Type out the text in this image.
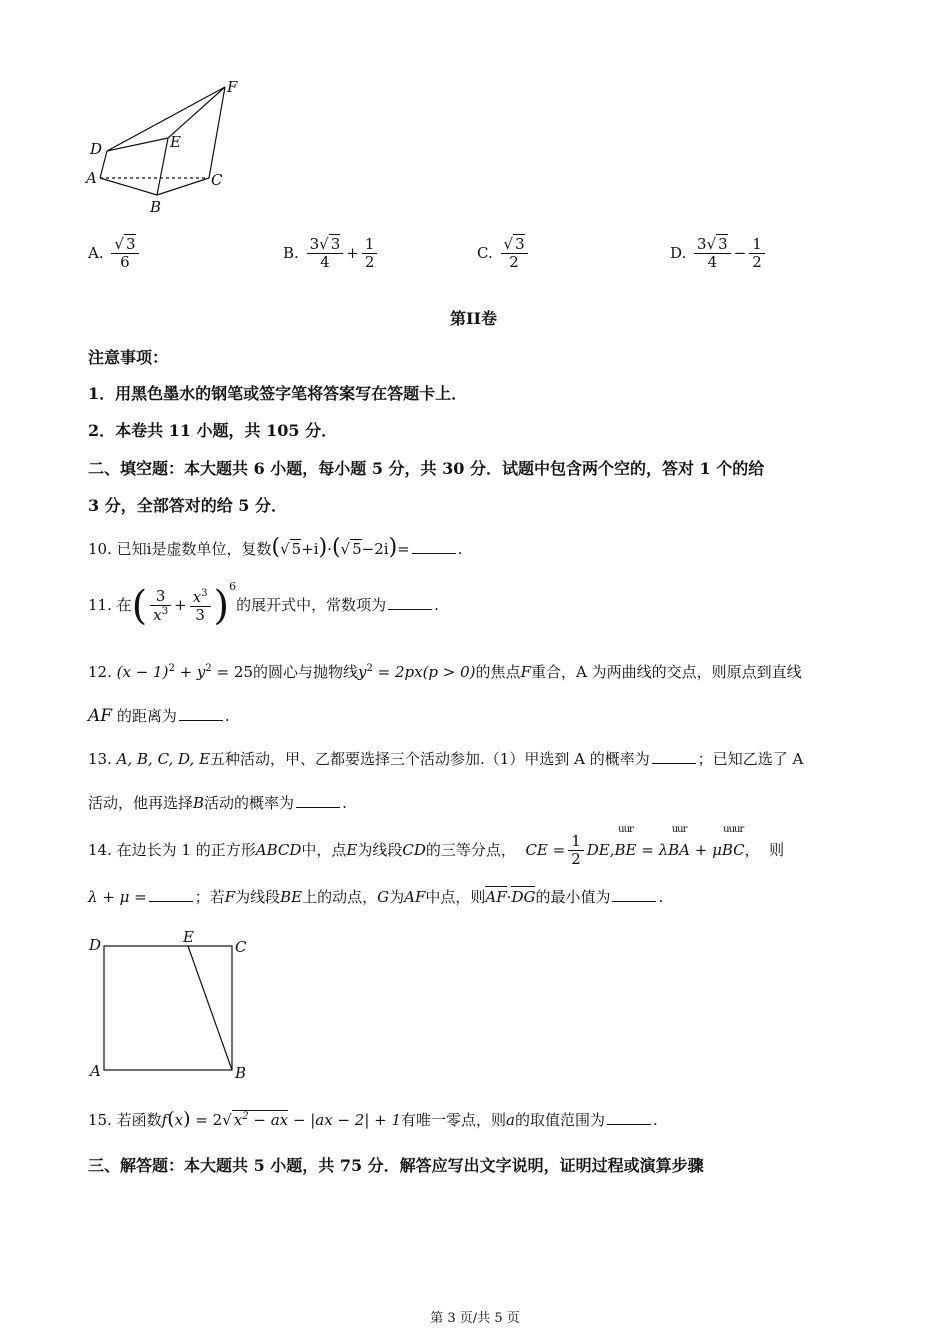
D	E
F
A
B
C
A. $\frac{√ 3}{6}$	B. $\frac{3√ 3}{4} + \frac{1}{2}$	C. $\frac{√ 3}{2}$	D. $\frac{3√ 3}{4} - \frac{1}{2}$
第II卷
注意事项：
1．用黑色墨水的钢笔或签字笔将答案写在答题卡上．
2．本卷共 11 小题，共 105 分．
二、填空题：本大题共 6 小题，每小题 5 分，共 30 分．试题中包含两个空的，答对 1 个的给
3 分，全部答对的给 5 分．
10. 已知i是虚数单位，复数(√ 5+i)·(√ 5−2i)=	.
11. 在( $\frac{3}{x^3} + \frac{x^3}{3} )^6$的展开式中，常数项为	.
12. $(x - 1)^2 + y^2 = 25$的圆心与抛物线$y^2 = 2px(p > 0)$的焦点F重合，A 为两曲线的交点，则原点到直线
AF 的距离为	.
13. A, B, C, D, E五种活动，甲、乙都要选择三个活动参加.（1）甲选到 A 的概率为	；已知乙选了 A
活动，他再选择B活动的概率为	.
14. 在边长为 1 的正方形ABCD中，点E为线段CD的三等分点， CE = $\frac{1}{2}$ DE,
uur
BE = λ
uur
BA + μ
uuur
BC， 则
λ + μ =	；若F为线段BE上的动点，G为AF中点，则AF·DG的最小值为	.
D	E
C
A	B
15. 若函数f(x) = 2√ $x^2$ − ax − |ax − 2| + 1有唯一零点，则a的取值范围为	.
三、解答题：本大题共 5 小题，共 75 分．解答应写出文字说明，证明过程或演算步骤
第 3 页/共 5 页
